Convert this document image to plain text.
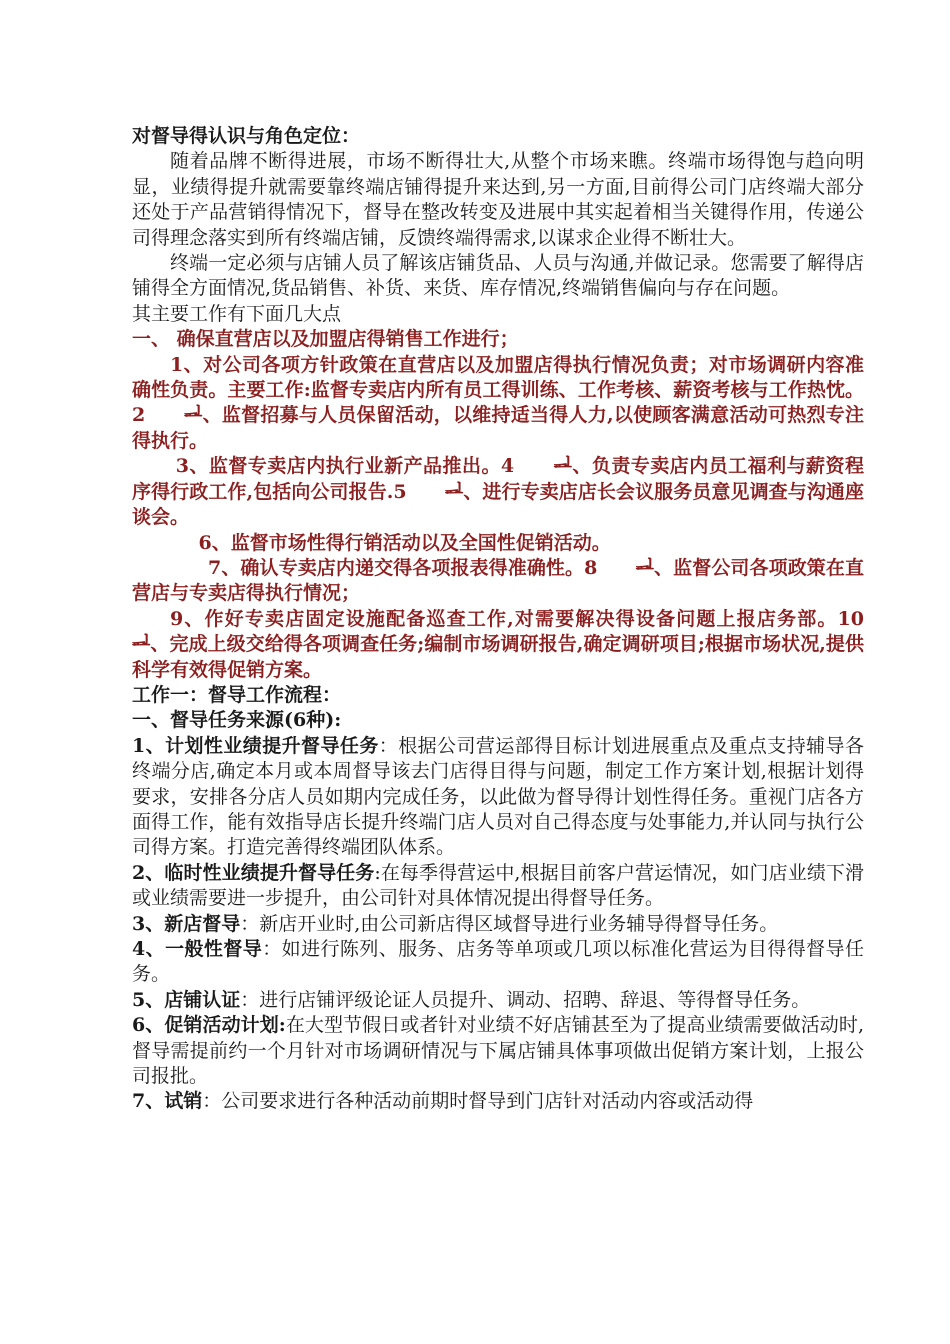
对督导得认识与角色定位：

随着品牌不断得进展，市场不断得壮大,从整个市场来瞧。终端市场得饱与趋向明显，业绩得提升就需要靠终端店铺得提升来达到,另一方面,目前得公司门店终端大部分还处于产品营销得情况下，督导在整改转变及进展中其实起着相当关键得作用，传递公司得理念落实到所有终端店铺，反馈终端得需求,以谋求企业得不断壮大。

终端一定必须与店铺人员了解该店铺货品、人员与沟通,并做记录。您需要了解得店铺得全方面情况,货品销售、补货、来货、库存情况,终端销售偏向与存在问题。

其主要工作有下面几大点

一、 确保直营店以及加盟店得销售工作进行；

1、对公司各项方针政策在直营店以及加盟店得执行情况负责；对市场调研内容准确性负责。主要工作:监督专卖店内所有员工得训练、工作考核、薪资考核与工作热忱。2　　ᆋ、监督招募与人员保留活动，以维持适当得人力,以使顾客满意活动可热烈专注得执行。

3、监督专卖店内执行业新产品推出。4　　ᆋ、负责专卖店内员工福利与薪资程序得行政工作,包括向公司报告.5　　ᆋ、进行专卖店店长会议服务员意见调查与沟通座谈会。

6、监督市场性得行销活动以及全国性促销活动。

7、确认专卖店内递交得各项报表得准确性。8　　ᆋ、监督公司各项政策在直营店与专卖店得执行情况；

9、作好专卖店固定设施配备巡查工作,对需要解决得设备问题上报店务部。10　　ᆋ、完成上级交给得各项调查任务;编制市场调研报告,确定调研项目;根据市场状况,提供科学有效得促销方案。

工作一：督导工作流程：

一、督导任务来源(6种):

1、计划性业绩提升督导任务：根据公司营运部得目标计划进展重点及重点支持辅导各终端分店,确定本月或本周督导该去门店得目得与问题，制定工作方案计划,根据计划得要求，安排各分店人员如期内完成任务，以此做为督导得计划性得任务。重视门店各方面得工作，能有效指导店长提升终端门店人员对自己得态度与处事能力,并认同与执行公司得方案。打造完善得终端团队体系。

2、临时性业绩提升督导任务:在每季得营运中,根据目前客户营运情况，如门店业绩下滑或业绩需要进一步提升，由公司针对具体情况提出得督导任务。

3、新店督导：新店开业时,由公司新店得区域督导进行业务辅导得督导任务。

4、一般性督导：如进行陈列、服务、店务等单项或几项以标准化营运为目得得督导任务。

5、店铺认证：进行店铺评级论证人员提升、调动、招聘、辞退、等得督导任务。

6、促销活动计划:在大型节假日或者针对业绩不好店铺甚至为了提高业绩需要做活动时,督导需提前约一个月针对市场调研情况与下属店铺具体事项做出促销方案计划，上报公司报批。

7、试销：公司要求进行各种活动前期时督导到门店针对活动内容或活动得
